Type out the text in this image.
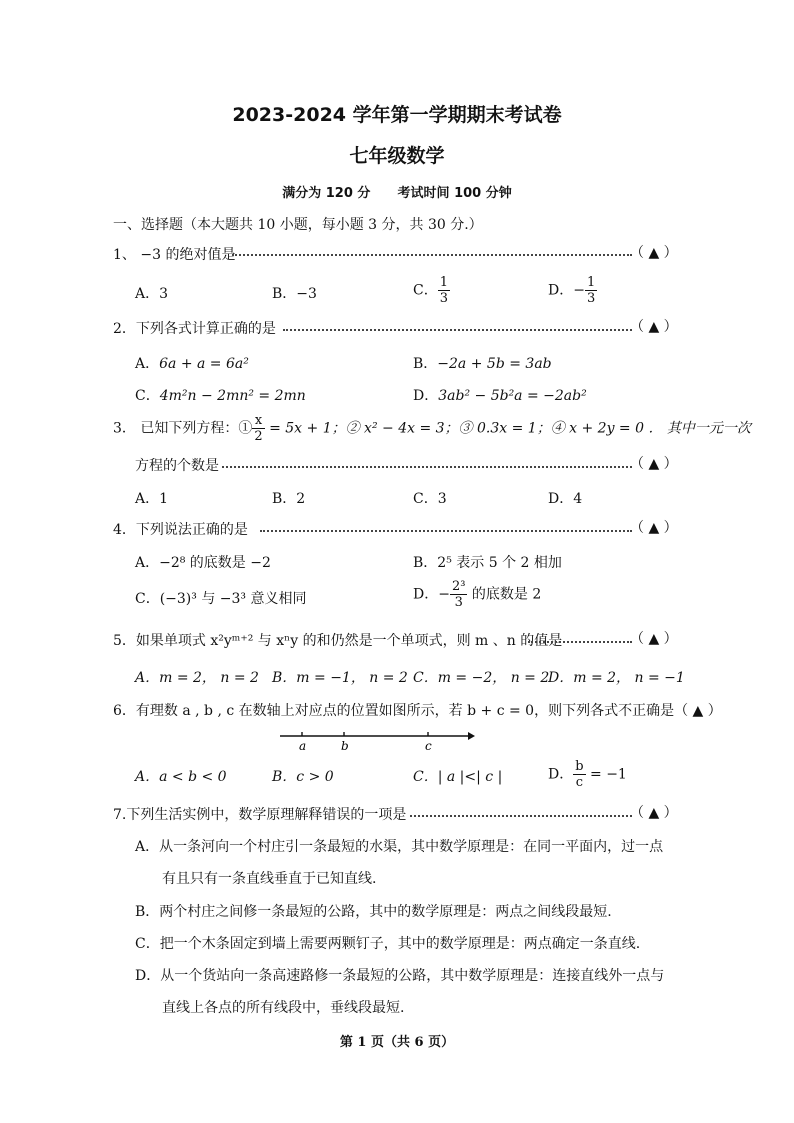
2023-2024 学年第一学期期末考试卷
七年级数学
满分为 120 分      考试时间 100 分钟
一、选择题（本大题共 10 小题，每小题 3 分，共 30 分.）
1、 −3 的绝对值是	（ ▲ ）
A．3	B．−3	C． $\frac{1}{3}$	D．− $\frac{1}{3}$
2．下列各式计算正确的是	（ ▲ ）
A．6a + a = 6a²	B．−2a + 5b = 3ab
C．4m²n − 2mn² = 2mn	D．3ab² − 5b²a = −2ab²
3． 已知下列方程：① $\frac{x}{2} = 5x + 1$；② x² − 4x = 3；③ 0.3x = 1；④ x + 2y = 0 ． 其中一元一次
方程的个数是	（ ▲ ）
A．1	B．2	C．3	D．4
4．下列说法正确的是	（ ▲ ）
A．−2⁸ 的底数是 −2	B．2⁵ 表示 5 个 2 相加
C．(−3)³ 与 −3³ 意义相同	D．− $\frac{\text{2³}}{3}$ 的底数是 2
5．如果单项式 x²yᵐ⁺² 与 xⁿy 的和仍然是一个单项式，则 m 、n 的值是	（ ▲ ）
A．m = 2， n = 2 B．m = −1， n = 2 C．m = −2， n = 2
D．m = 2， n = −1
6．有理数 a , b , c 在数轴上对应点的位置如图所示，若 b + c = 0，则下列各式不正确是（ ▲ ）
a	b	c
A．a < b < 0	B．c > 0	C．| a |<| c |	D． $\frac{b}{c} = -1$
7.下列生活实例中，数学原理解释错误的一项是	（ ▲ ）
A．从一条河向一个村庄引一条最短的水渠，其中数学原理是：在同一平面内，过一点
有且只有一条直线垂直于已知直线.
B．两个村庄之间修一条最短的公路，其中的数学原理是：两点之间线段最短.
C．把一个木条固定到墙上需要两颗钉子，其中的数学原理是：两点确定一条直线.
D．从一个货站向一条高速路修一条最短的公路，其中数学原理是：连接直线外一点与
直线上各点的所有线段中，垂线段最短.
第 1 页（共 6 页）
